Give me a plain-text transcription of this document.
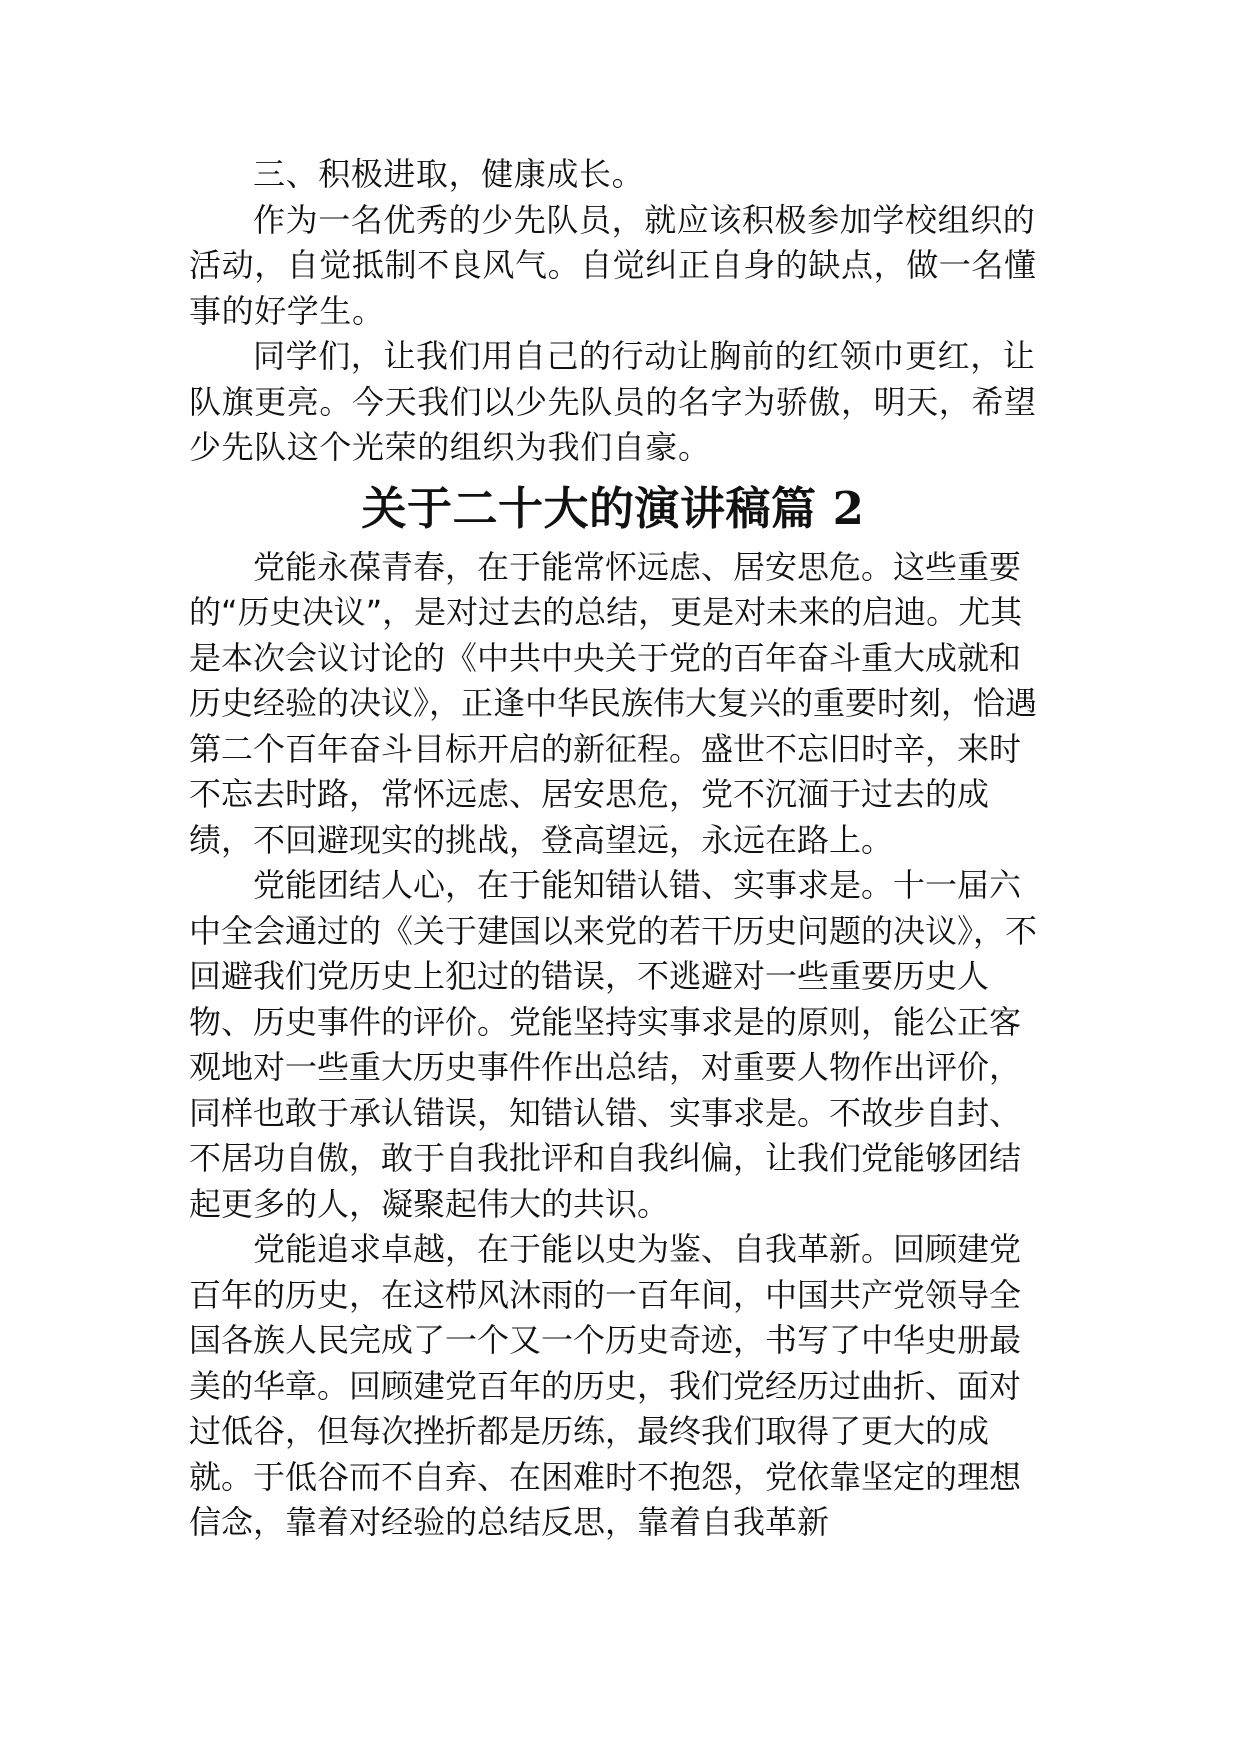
三、积极进取，健康成长。

作为一名优秀的少先队员，就应该积极参加学校组织的活动，自觉抵制不良风气。自觉纠正自身的缺点，做一名懂事的好学生。

同学们，让我们用自己的行动让胸前的红领巾更红，让队旗更亮。今天我们以少先队员的名字为骄傲，明天，希望少先队这个光荣的组织为我们自豪。

关于二十大的演讲稿篇 2

党能永葆青春，在于能常怀远虑、居安思危。这些重要的“历史决议”，是对过去的总结，更是对未来的启迪。尤其是本次会议讨论的《中共中央关于党的百年奋斗重大成就和历史经验的决议》，正逢中华民族伟大复兴的重要时刻，恰遇第二个百年奋斗目标开启的新征程。盛世不忘旧时辛，来时不忘去时路，常怀远虑、居安思危，党不沉湎于过去的成绩，不回避现实的挑战，登高望远，永远在路上。

党能团结人心，在于能知错认错、实事求是。十一届六中全会通过的《关于建国以来党的若干历史问题的决议》，不回避我们党历史上犯过的错误，不逃避对一些重要历史人物、历史事件的评价。党能坚持实事求是的原则，能公正客观地对一些重大历史事件作出总结，对重要人物作出评价，同样也敢于承认错误，知错认错、实事求是。不故步自封、不居功自傲，敢于自我批评和自我纠偏，让我们党能够团结起更多的人，凝聚起伟大的共识。

党能追求卓越，在于能以史为鉴、自我革新。回顾建党百年的历史，在这栉风沐雨的一百年间，中国共产党领导全国各族人民完成了一个又一个历史奇迹，书写了中华史册最美的华章。回顾建党百年的历史，我们党经历过曲折、面对过低谷，但每次挫折都是历练，最终我们取得了更大的成就。于低谷而不自弃、在困难时不抱怨，党依靠坚定的理想信念，靠着对经验的总结反思，靠着自我革新
